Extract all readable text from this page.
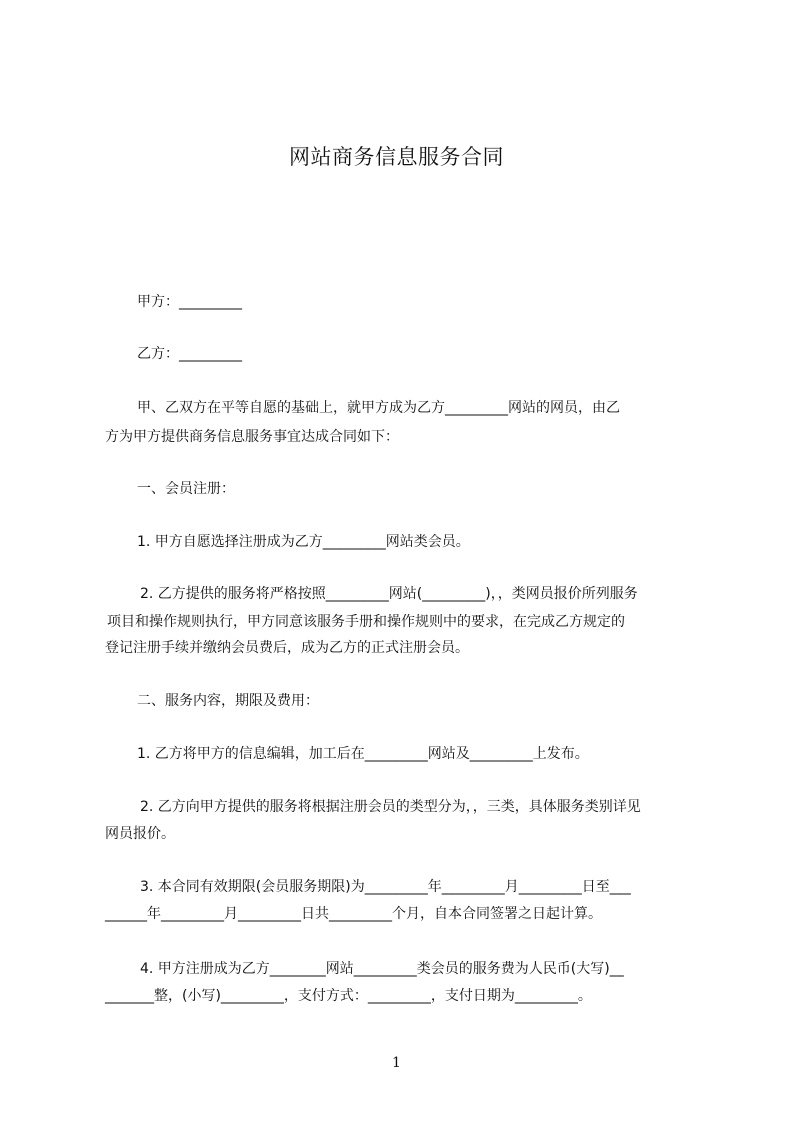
网站商务信息服务合同
甲方：_________
乙方：_________
甲、乙双方在平等自愿的基础上，就甲方成为乙方_________网站的网员，由乙
方为甲方提供商务信息服务事宜达成合同如下：
一、会员注册：
1. 甲方自愿选择注册成为乙方_________网站类会员。
2. 乙方提供的服务将严格按照_________网站(_________)，，类网员报价所列服务
项目和操作规则执行，甲方同意该服务手册和操作规则中的要求，在完成乙方规定的
登记注册手续并缴纳会员费后，成为乙方的正式注册会员。
二、服务内容，期限及费用：
1. 乙方将甲方的信息编辑，加工后在_________网站及_________上发布。
2. 乙方向甲方提供的服务将根据注册会员的类型分为，，三类，具体服务类别详见
网员报价。
3. 本合同有效期限(会员服务期限)为_________年_________月_________日至___
______年_________月_________日共_________个月，自本合同签署之日起计算。
4. 甲方注册成为乙方________网站_________类会员的服务费为人民币(大写)__
_______整，(小写)_________，支付方式：_________，支付日期为_________。
1
